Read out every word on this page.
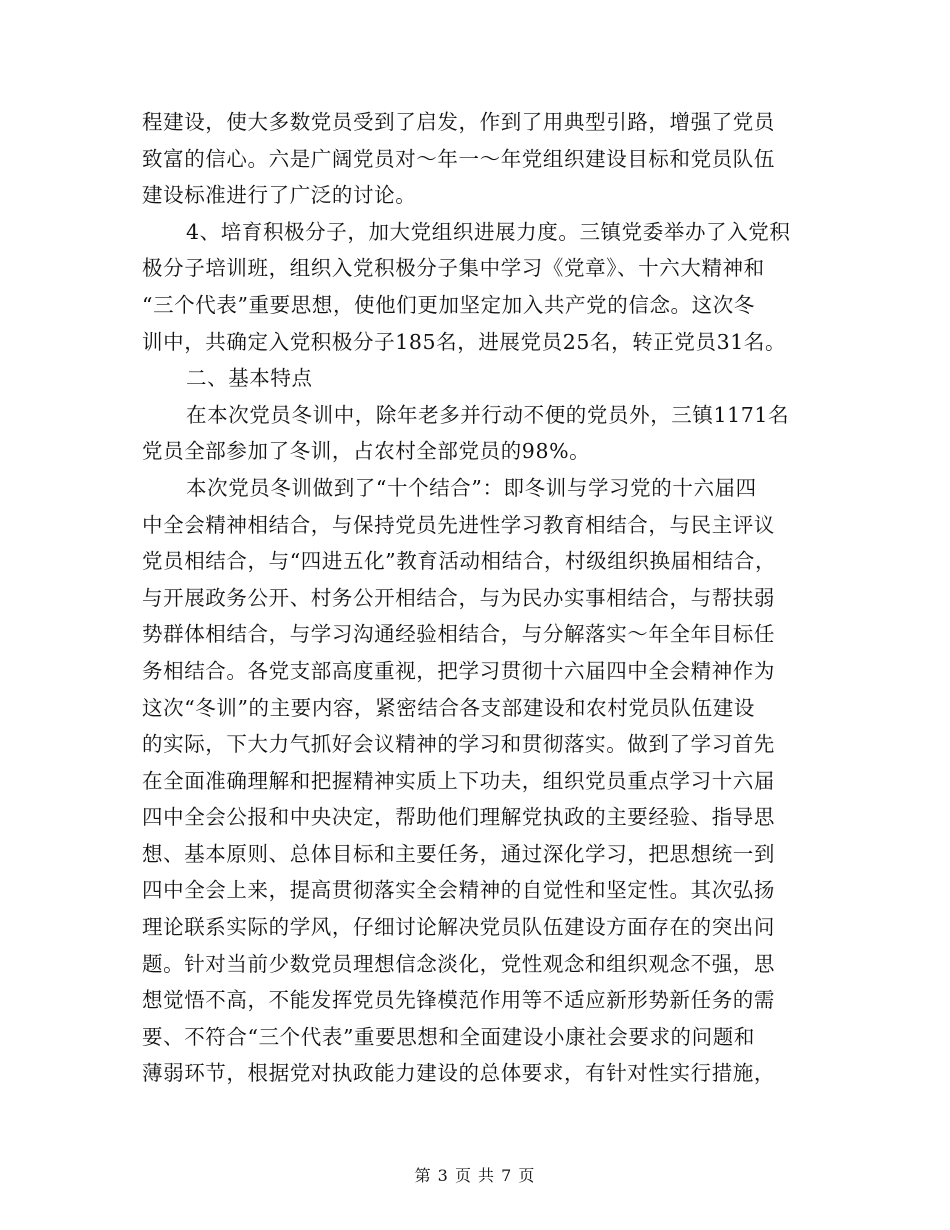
程建设，使大多数党员受到了启发，作到了用典型引路，增强了党员
致富的信心。六是广阔党员对～年一～年党组织建设目标和党员队伍
建设标准进行了广泛的讨论。
4、培育积极分子，加大党组织进展力度。三镇党委举办了入党积
极分子培训班，组织入党积极分子集中学习《党章》、十六大精神和
“三个代表”重要思想，使他们更加坚定加入共产党的信念。这次冬
训中，共确定入党积极分子185名，进展党员25名，转正党员31名。
二、基本特点
在本次党员冬训中，除年老多并行动不便的党员外，三镇1171名
党员全部参加了冬训，占农村全部党员的98%。
本次党员冬训做到了“十个结合”：即冬训与学习党的十六届四
中全会精神相结合，与保持党员先进性学习教育相结合，与民主评议
党员相结合，与“四进五化”教育活动相结合，村级组织换届相结合，
与开展政务公开、村务公开相结合，与为民办实事相结合，与帮扶弱
势群体相结合，与学习沟通经验相结合，与分解落实～年全年目标任
务相结合。各党支部高度重视，把学习贯彻十六届四中全会精神作为
这次“冬训”的主要内容，紧密结合各支部建设和农村党员队伍建设
的实际，下大力气抓好会议精神的学习和贯彻落实。做到了学习首先
在全面准确理解和把握精神实质上下功夫，组织党员重点学习十六届
四中全会公报和中央决定，帮助他们理解党执政的主要经验、指导思
想、基本原则、总体目标和主要任务，通过深化学习，把思想统一到
四中全会上来，提高贯彻落实全会精神的自觉性和坚定性。其次弘扬
理论联系实际的学风，仔细讨论解决党员队伍建设方面存在的突出问
题。针对当前少数党员理想信念淡化，党性观念和组织观念不强，思
想觉悟不高，不能发挥党员先锋模范作用等不适应新形势新任务的需
要、不符合“三个代表”重要思想和全面建设小康社会要求的问题和
薄弱环节，根据党对执政能力建设的总体要求，有针对性实行措施，
第 3 页 共 7 页
